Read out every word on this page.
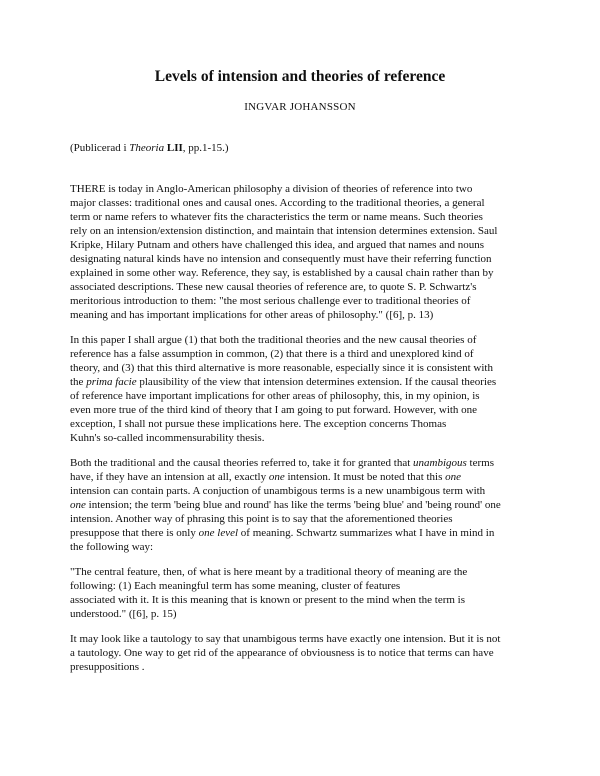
Levels of intension and theories of reference
INGVAR JOHANSSON
(Publicerad i Theoria LII, pp.1-15.)
THERE is today in Anglo-American philosophy a division of theories of reference into two
major classes: traditional ones and causal ones. According to the traditional theories, a general
term or name refers to whatever fits the characteristics the term or name means. Such theories
rely on an intension/extension distinction, and maintain that intension determines extension. Saul
Kripke, Hilary Putnam and others have challenged this idea, and argued that names and nouns
designating natural kinds have no intension and consequently must have their referring function
explained in some other way. Reference, they say, is established by a causal chain rather than by
associated descriptions. These new causal theories of reference are, to quote S. P. Schwartz's
meritorious introduction to them: "the most serious challenge ever to traditional theories of
meaning and has important implications for other areas of philosophy." ([6], p. 13)
In this paper I shall argue (1) that both the traditional theories and the new causal theories of
reference has a false assumption in common, (2) that there is a third and unexplored kind of
theory, and (3) that this third alternative is more reasonable, especially since it is consistent with
the prima facie plausibility of the view that intension determines extension. If the causal theories
of reference have important implications for other areas of philosophy, this, in my opinion, is
even more true of the third kind of theory that I am going to put forward. However, with one
exception, I shall not pursue these implications here. The exception concerns Thomas
Kuhn's so-called incommensurability thesis.
Both the traditional and the causal theories referred to, take it for granted that unambigous terms
have, if they have an intension at all, exactly one intension. It must be noted that this one
intension can contain parts. A conjuction of unambigous terms is a new unambigous term with
one intension; the term 'being blue and round' has like the terms 'being blue' and 'being round' one
intension. Another way of phrasing this point is to say that the aforementioned theories
presuppose that there is only one level of meaning. Schwartz summarizes what I have in mind in
the following way:
"The central feature, then, of what is here meant by a traditional theory of meaning are the
following: (1) Each meaningful term has some meaning, cluster of features
associated with it. It is this meaning that is known or present to the mind when the term is
understood." ([6], p. 15)
It may look like a tautology to say that unambigous terms have exactly one intension. But it is not
a tautology. One way to get rid of the appearance of obviousness is to notice that terms can have
presuppositions .
